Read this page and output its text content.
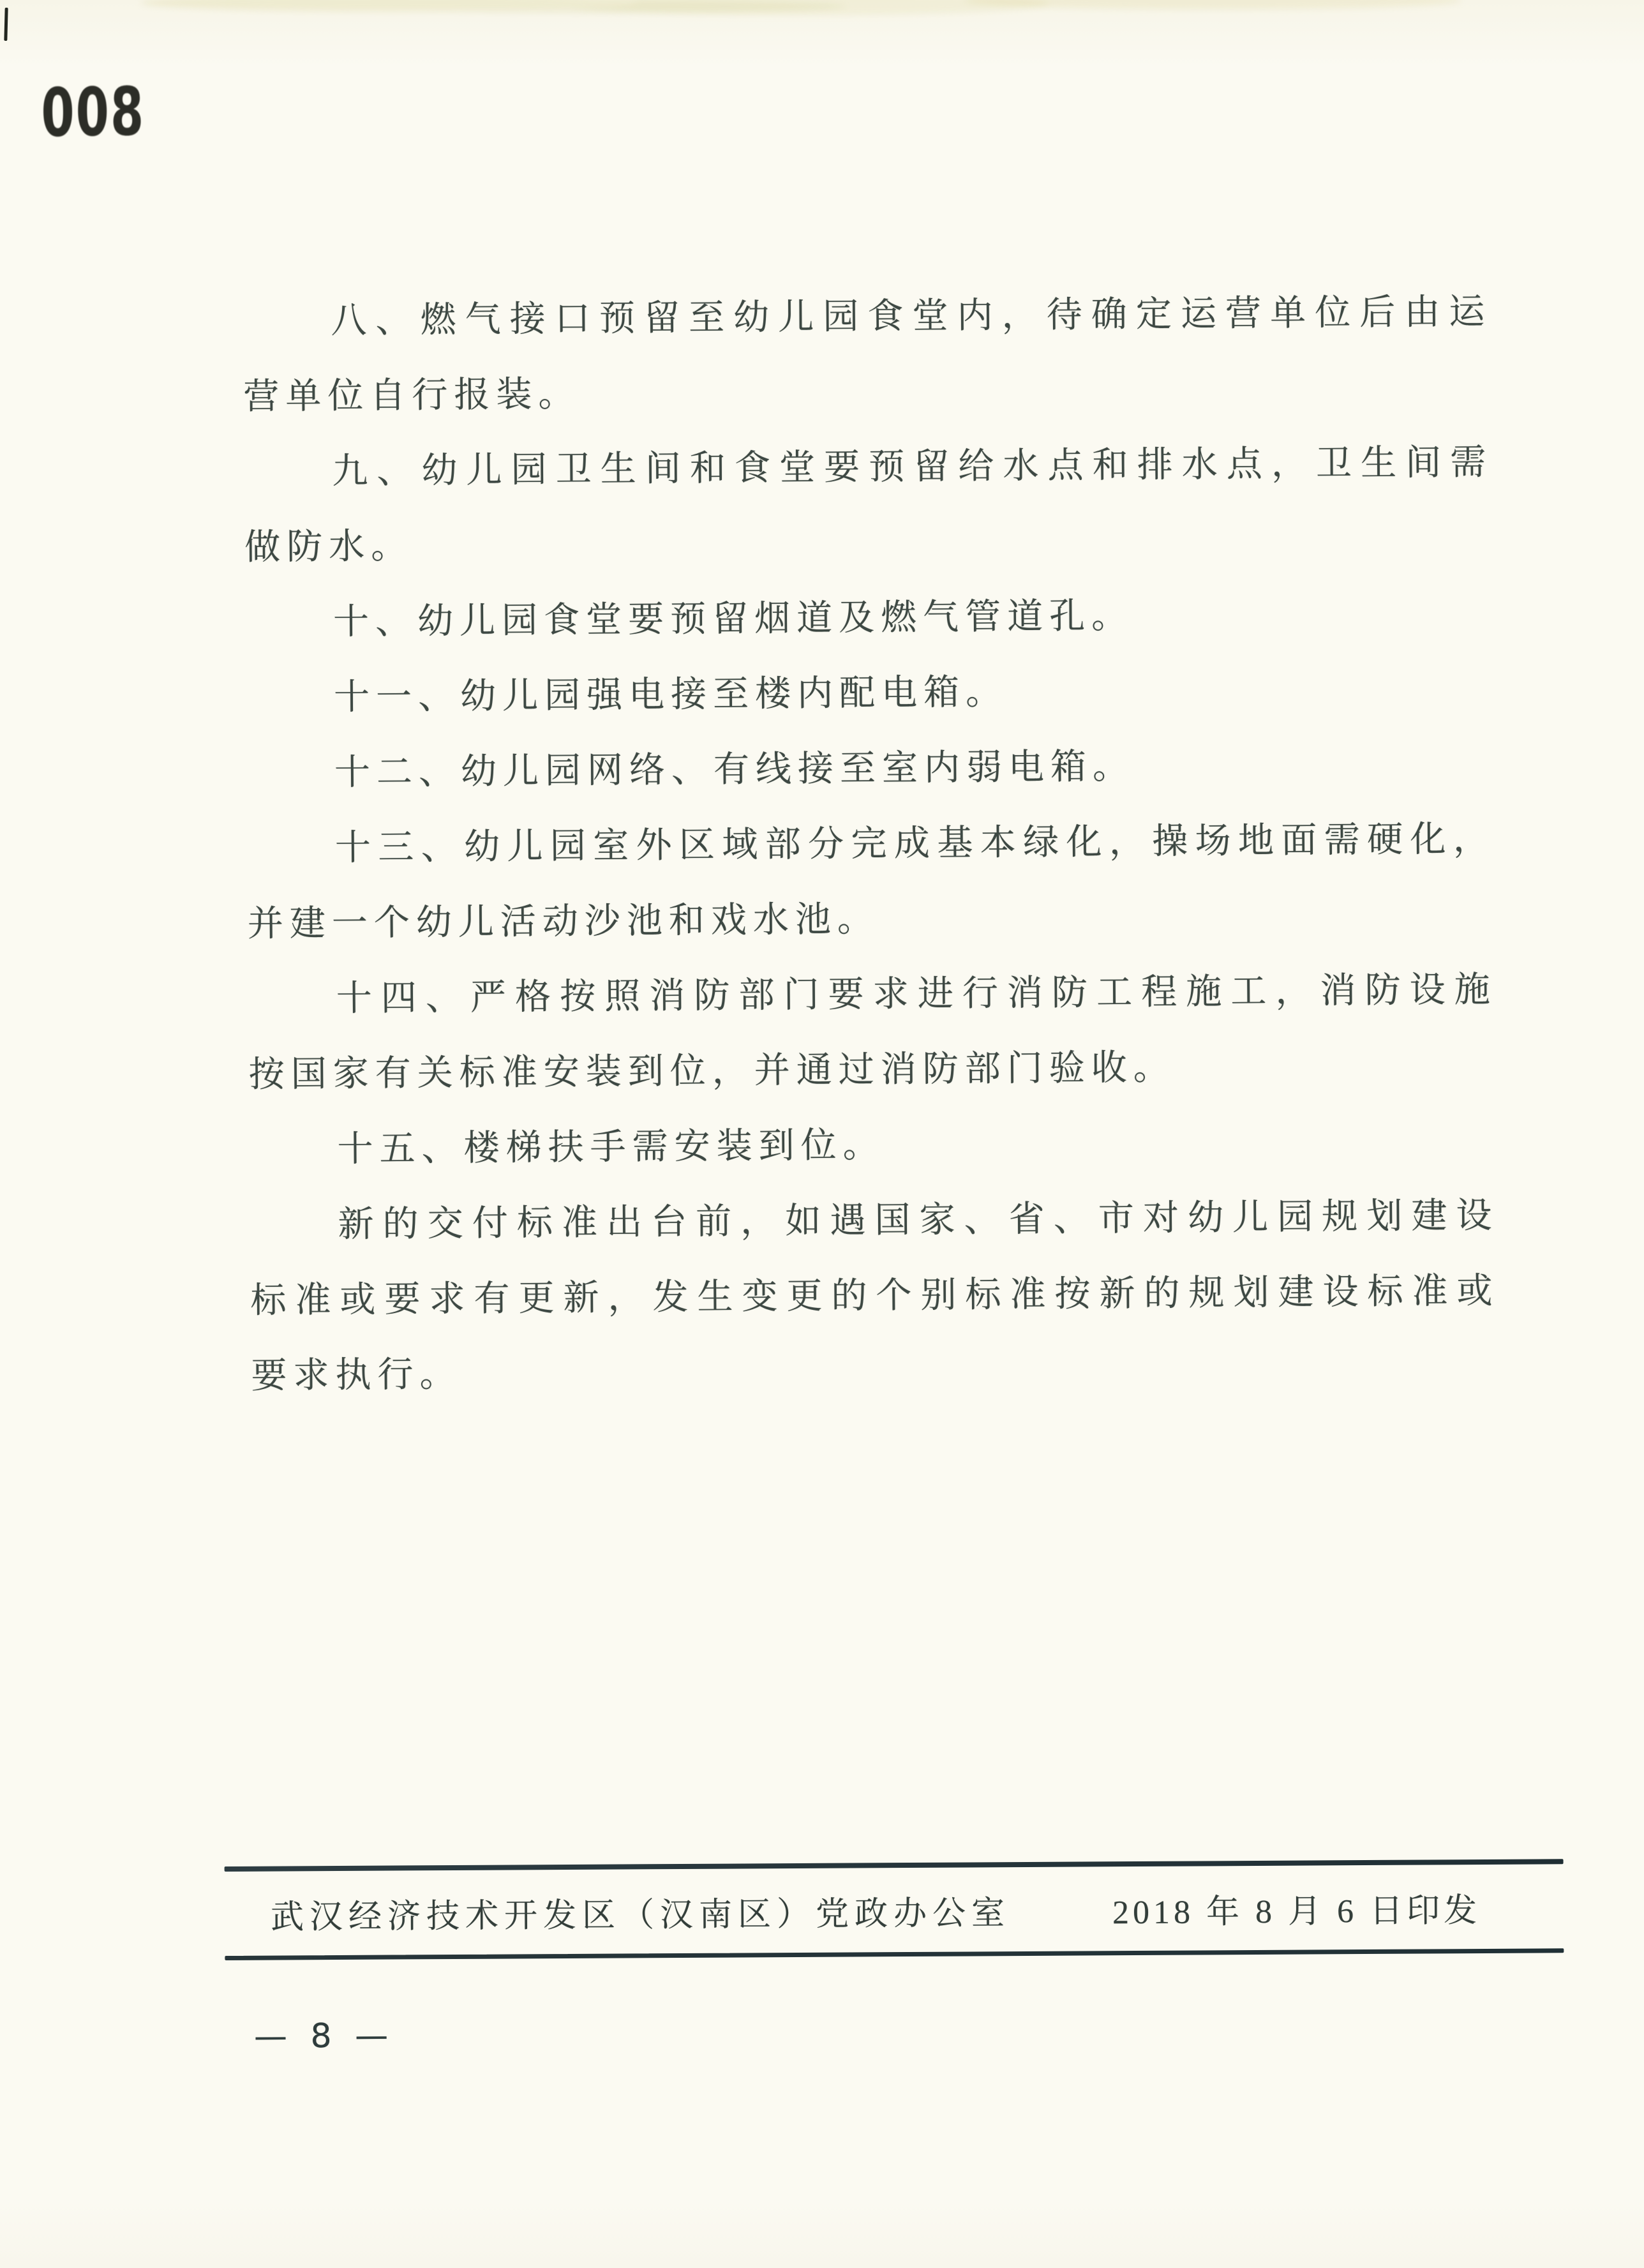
008
八、燃气接口预留至幼儿园食堂内，待确定运营单位后由运
营单位自行报装。
九、幼儿园卫生间和食堂要预留给水点和排水点，卫生间需
做防水。
十、幼儿园食堂要预留烟道及燃气管道孔。
十一、幼儿园强电接至楼内配电箱。
十二、幼儿园网络、有线接至室内弱电箱。
十三、幼儿园室外区域部分完成基本绿化，操场地面需硬化，
并建一个幼儿活动沙池和戏水池。
十四、严格按照消防部门要求进行消防工程施工，消防设施
按国家有关标准安装到位，并通过消防部门验收。
十五、楼梯扶手需安装到位。
新的交付标准出台前，如遇国家、省、市对幼儿园规划建设
标准或要求有更新，发生变更的个别标准按新的规划建设标准或
要求执行。
武汉经济技术开发区（汉南区）党政办公室	2018 年 8 月 6 日印发
— 8 —
